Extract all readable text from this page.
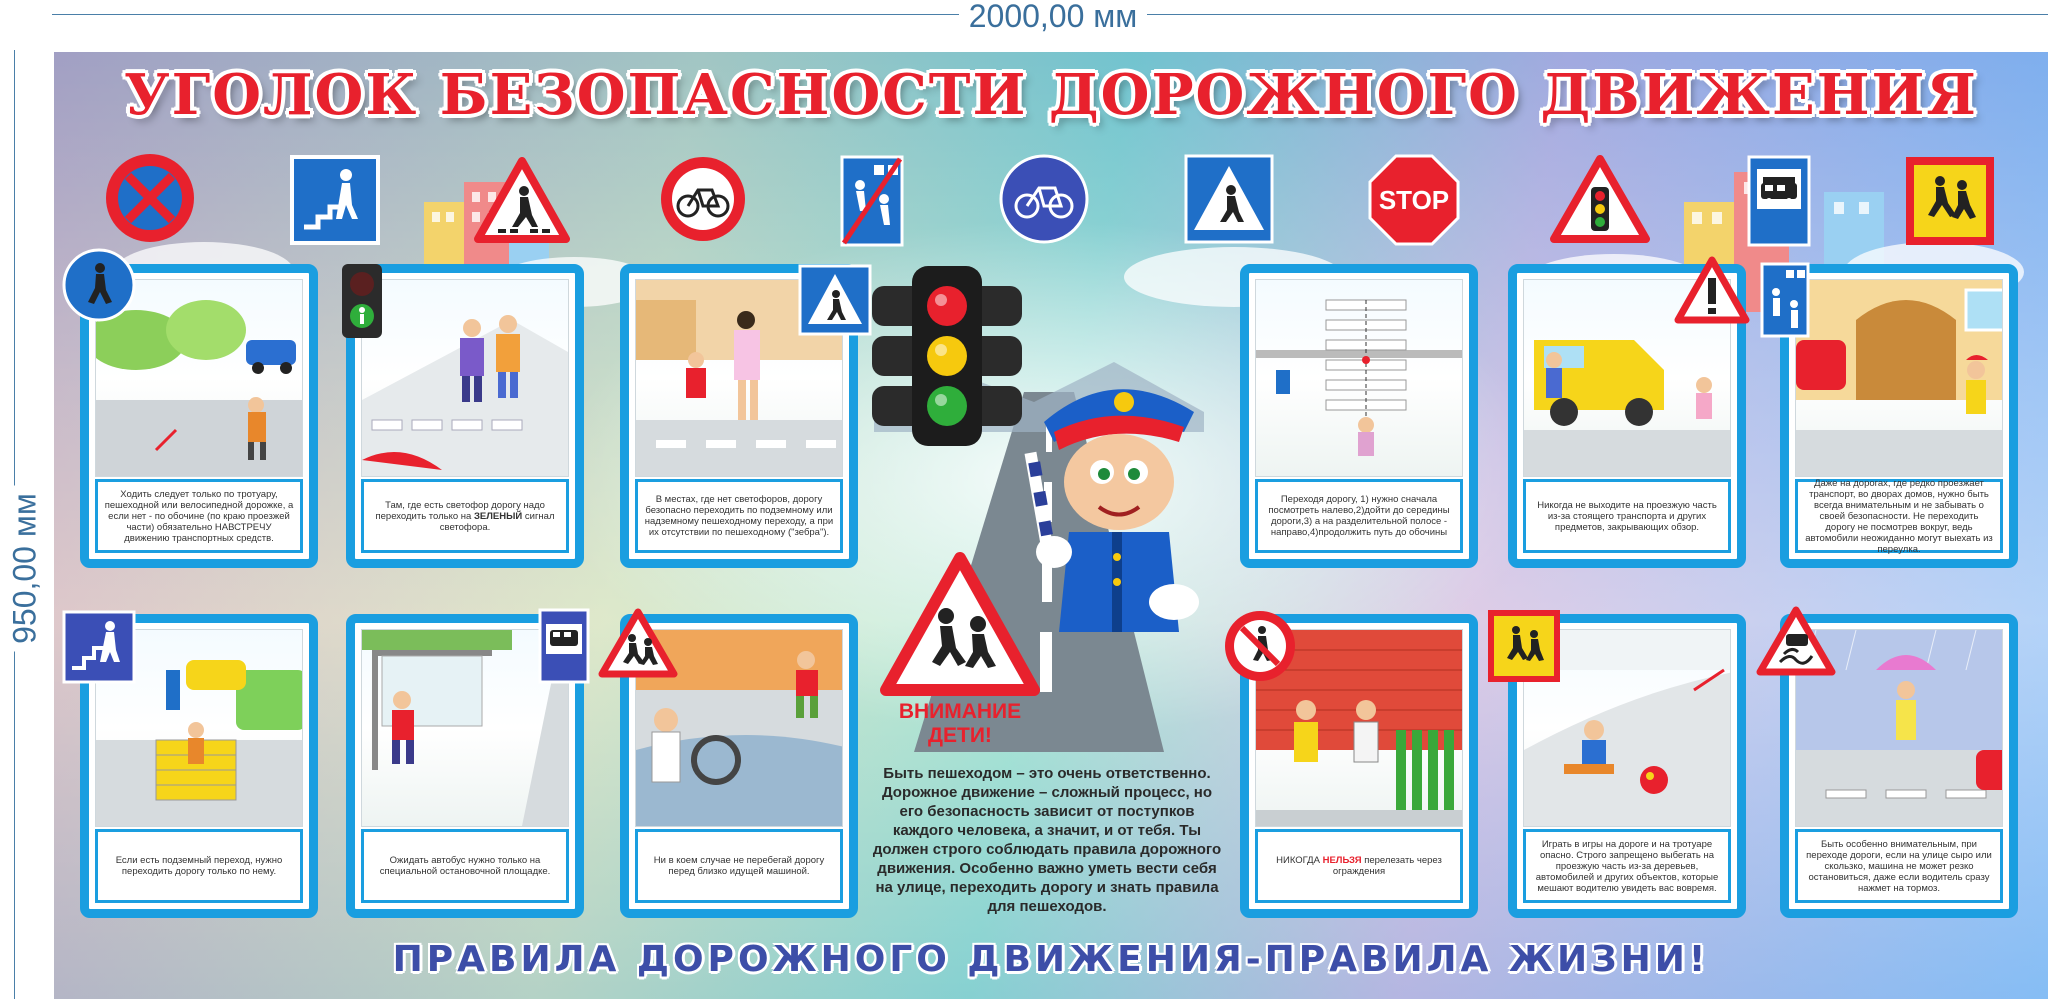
2000,00 мм
950,00 мм
УГОЛОК БЕЗОПАСНОСТИ ДОРОЖНОГО ДВИЖЕНИЯ
STOP
Ходить следует только по тротуару, пешеходной или велосипедной дорожке, а если нет - по обочине (по краю проезжей части) обязательно НАВСТРЕЧУ движению транспортных средств.
Там, где есть светофор дорогу надо переходить только на ЗЕЛЕНЫЙ сигнал светофора.
В местах, где нет светофоров, дорогу безопасно переходить по подземному или надземному пешеходному переходу, а при их отсутствии по пешеходному ("зебра").
Переходя дорогу, 1) нужно сначала посмотреть налево,2)дойти до середины дороги,3) а на разделительной полосе - направо,4)продолжить путь до обочины
Никогда не выходите на проезжую часть из-за стоящего транспорта и других предметов, закрывающих обзор.
Даже на дорогах, где редко проезжает транспорт, во дворах домов, нужно быть всегда внимательным и не забывать о своей безопасности. Не переходить дорогу не посмотрев вокруг, ведь автомобили неожиданно могут выехать из переулка.
Если есть подземный переход, нужно переходить дорогу только по нему.
Ожидать автобус нужно только на специальной остановочной площадке.
Ни в коем случае не перебегай дорогу перед близко идущей машиной.
ВНИМАНИЕ
ДЕТИ!
Быть пешеходом – это очень ответственно. Дорожное движение – сложный процесс, но его безопасность зависит от поступков каждого человека, а значит, и от тебя. Ты должен строго соблюдать правила дорожного движения. Особенно важно уметь вести себя на улице, переходить дорогу и знать правила для пешеходов.
НИКОГДА НЕЛЬЗЯ перелезать через ограждения
Играть в игры на дороге и на тротуаре опасно. Строго запрещено выбегать на проезжую часть из-за деревьев, автомобилей и других объектов, которые мешают водителю увидеть вас вовремя.
Быть особенно внимательным, при переходе дороги, если на улице сыро или скользко, машина не может резко остановиться, даже если водитель сразу нажмет на тормоз.
ПРАВИЛА ДОРОЖНОГО ДВИЖЕНИЯ-ПРАВИЛА ЖИЗНИ!
